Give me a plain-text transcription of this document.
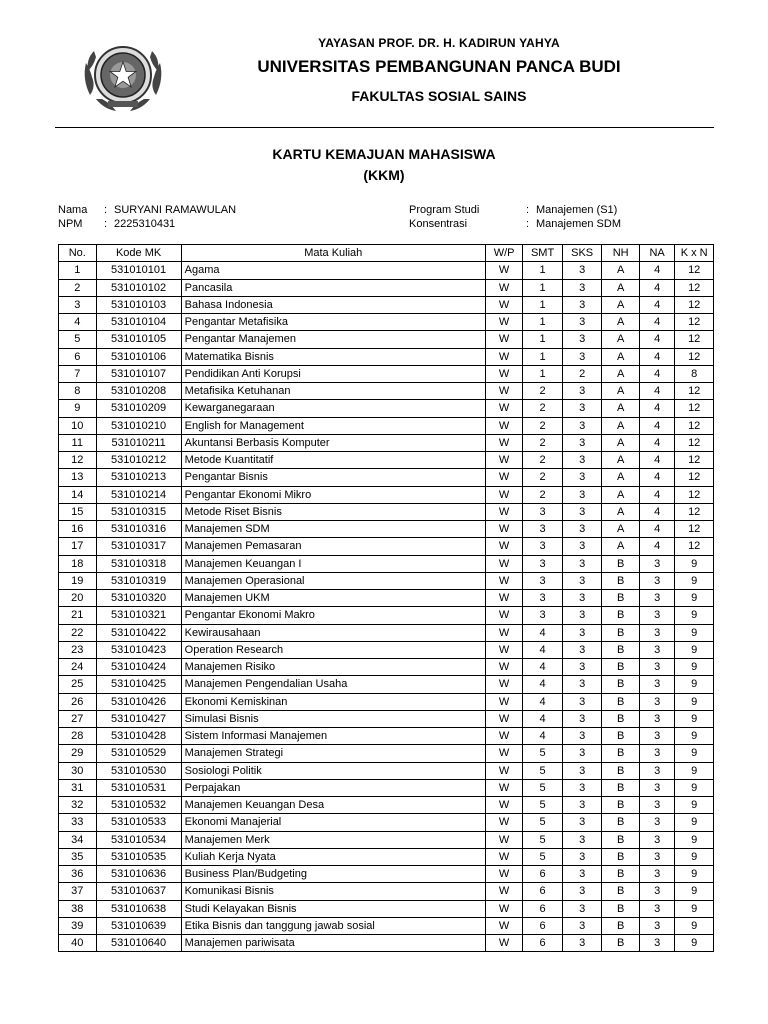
YAYASAN PROF. DR. H. KADIRUN YAHYA
UNIVERSITAS PEMBANGUNAN PANCA BUDI
FAKULTAS SOSIAL SAINS
KARTU KEMAJUAN MAHASISWA
(KKM)
Nama : SURYANI RAMAWULAN
NPM : 2225310431
Program Studi	: Manajemen (S1)
Konsentrasi	: Manajemen SDM
No.	Kode MK	Mata Kuliah	W/P	SMT	SKS	NH	NA	K x N
1	531010101	Agama	W	1	3	A	4	12
2	531010102	Pancasila	W	1	3	A	4	12
3	531010103	Bahasa Indonesia	W	1	3	A	4	12
4	531010104	Pengantar Metafisika	W	1	3	A	4	12
5	531010105	Pengantar Manajemen	W	1	3	A	4	12
6	531010106	Matematika Bisnis	W	1	3	A	4	12
7	531010107	Pendidikan Anti Korupsi	W	1	2	A	4	8
8	531010208	Metafisika Ketuhanan	W	2	3	A	4	12
9	531010209	Kewarganegaraan	W	2	3	A	4	12
10	531010210	English for Management	W	2	3	A	4	12
11	531010211	Akuntansi Berbasis Komputer	W	2	3	A	4	12
12	531010212	Metode Kuantitatif	W	2	3	A	4	12
13	531010213	Pengantar Bisnis	W	2	3	A	4	12
14	531010214	Pengantar Ekonomi Mikro	W	2	3	A	4	12
15	531010315	Metode Riset Bisnis	W	3	3	A	4	12
16	531010316	Manajemen SDM	W	3	3	A	4	12
17	531010317	Manajemen Pemasaran	W	3	3	A	4	12
18	531010318	Manajemen Keuangan I	W	3	3	B	3	9
19	531010319	Manajemen Operasional	W	3	3	B	3	9
20	531010320	Manajemen UKM	W	3	3	B	3	9
21	531010321	Pengantar Ekonomi Makro	W	3	3	B	3	9
22	531010422	Kewirausahaan	W	4	3	B	3	9
23	531010423	Operation Research	W	4	3	B	3	9
24	531010424	Manajemen Risiko	W	4	3	B	3	9
25	531010425	Manajemen Pengendalian Usaha	W	4	3	B	3	9
26	531010426	Ekonomi Kemiskinan	W	4	3	B	3	9
27	531010427	Simulasi Bisnis	W	4	3	B	3	9
28	531010428	Sistem Informasi Manajemen	W	4	3	B	3	9
29	531010529	Manajemen Strategi	W	5	3	B	3	9
30	531010530	Sosiologi Politik	W	5	3	B	3	9
31	531010531	Perpajakan	W	5	3	B	3	9
32	531010532	Manajemen Keuangan Desa	W	5	3	B	3	9
33	531010533	Ekonomi Manajerial	W	5	3	B	3	9
34	531010534	Manajemen Merk	W	5	3	B	3	9
35	531010535	Kuliah Kerja Nyata	W	5	3	B	3	9
36	531010636	Business Plan/Budgeting	W	6	3	B	3	9
37	531010637	Komunikasi Bisnis	W	6	3	B	3	9
38	531010638	Studi Kelayakan Bisnis	W	6	3	B	3	9
39	531010639	Etika Bisnis dan tanggung jawab sosial	W	6	3	B	3	9
40	531010640	Manajemen pariwisata	W	6	3	B	3	9
